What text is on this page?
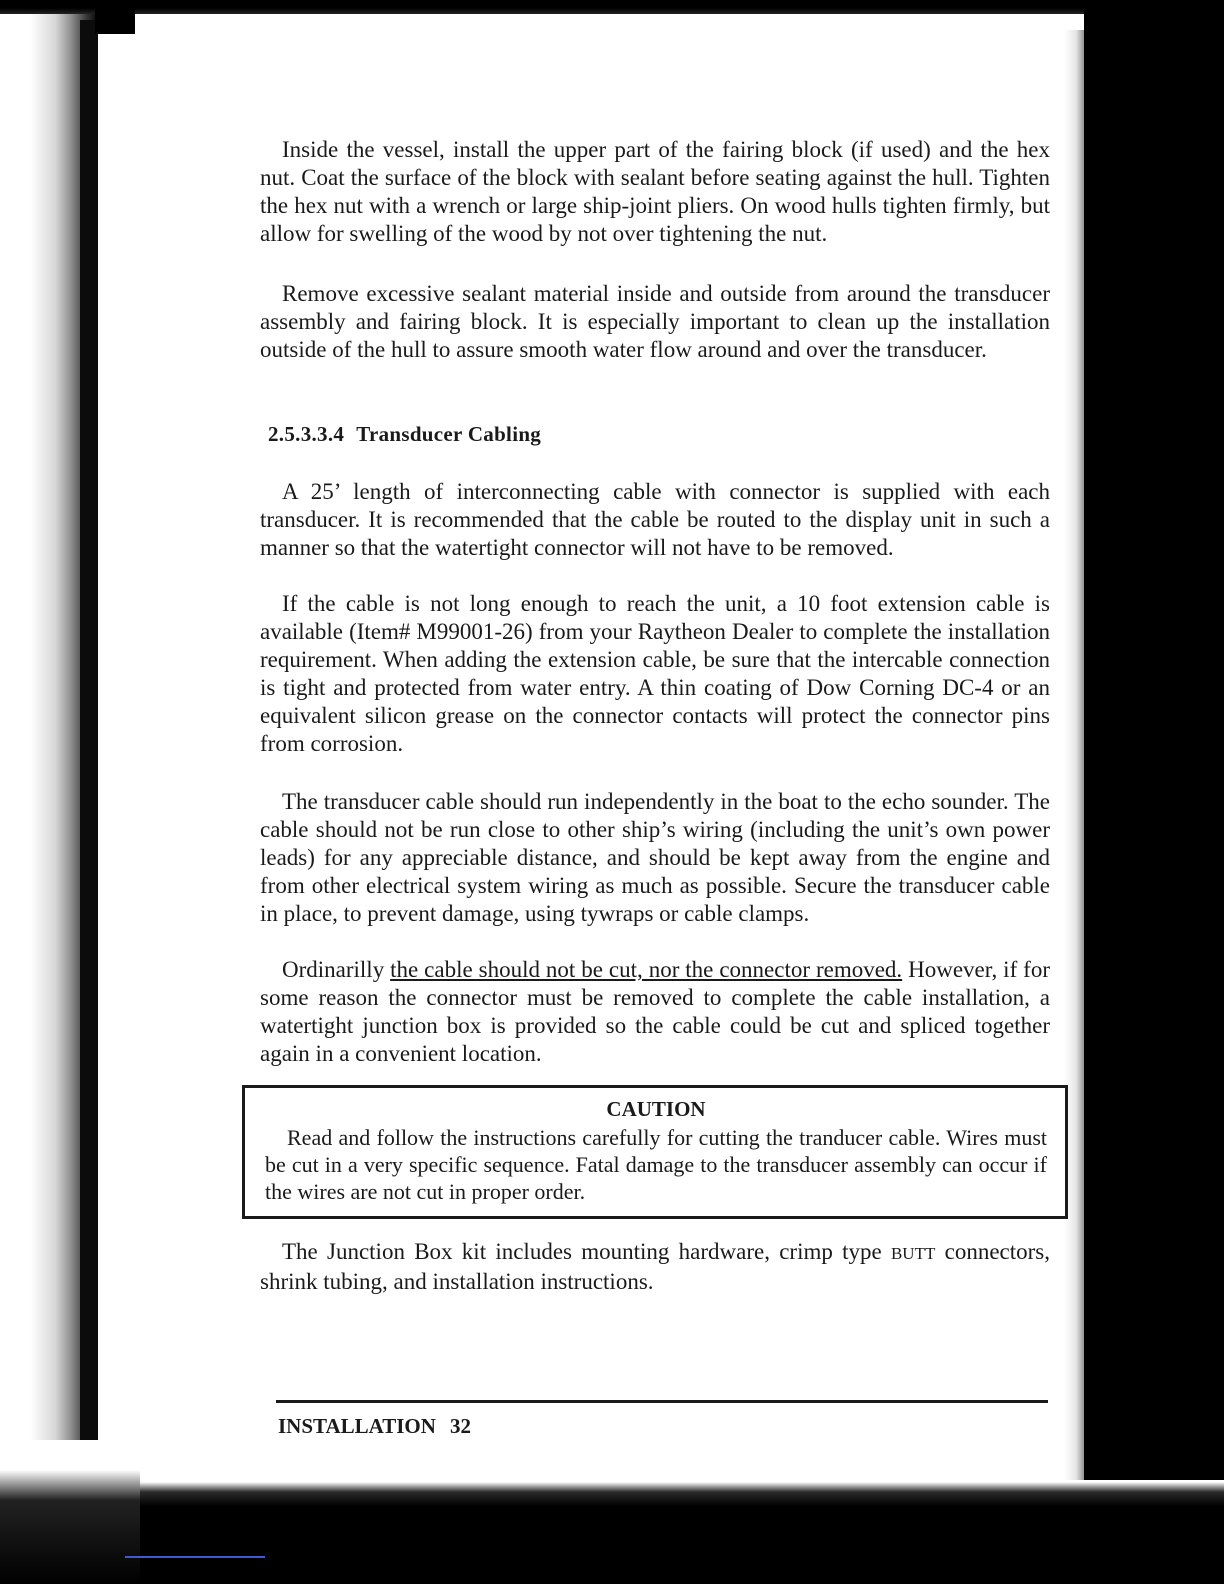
Inside the vessel, install the upper part of the fairing block (if used) and the hex nut. Coat the surface of the block with sealant before seating against the hull. Tighten the hex nut with a wrench or large ship-joint pliers. On wood hulls tighten firmly, but allow for swelling of the wood by not over tightening the nut.

Remove excessive sealant material inside and outside from around the transducer assembly and fairing block. It is especially important to clean up the installation outside of the hull to assure smooth water flow around and over the transducer.

2.5.3.3.4 Transducer Cabling

A 25’ length of interconnecting cable with connector is supplied with each transducer. It is recommended that the cable be routed to the display unit in such a manner so that the watertight connector will not have to be removed.

If the cable is not long enough to reach the unit, a 10 foot extension cable is available (Item# M99001-26) from your Raytheon Dealer to complete the installation requirement. When adding the extension cable, be sure that the intercable connection is tight and protected from water entry. A thin coating of Dow Corning DC-4 or an equivalent silicon grease on the connector contacts will protect the connector pins from corrosion.

The transducer cable should run independently in the boat to the echo sounder. The cable should not be run close to other ship’s wiring (including the unit’s own power leads) for any appreciable distance, and should be kept away from the engine and from other electrical system wiring as much as possible. Secure the transducer cable in place, to prevent damage, using tywraps or cable clamps.

Ordinarilly the cable should not be cut, nor the connector removed. However, if for some reason the connector must be removed to complete the cable installation, a watertight junction box is provided so the cable could be cut and spliced together again in a convenient location.

CAUTION

Read and follow the instructions carefully for cutting the tranducer cable. Wires must be cut in a very specific sequence. Fatal damage to the transducer assembly can occur if the wires are not cut in proper order.

The Junction Box kit includes mounting hardware, crimp type BUTT connectors, shrink tubing, and installation instructions.

INSTALLATION 32
